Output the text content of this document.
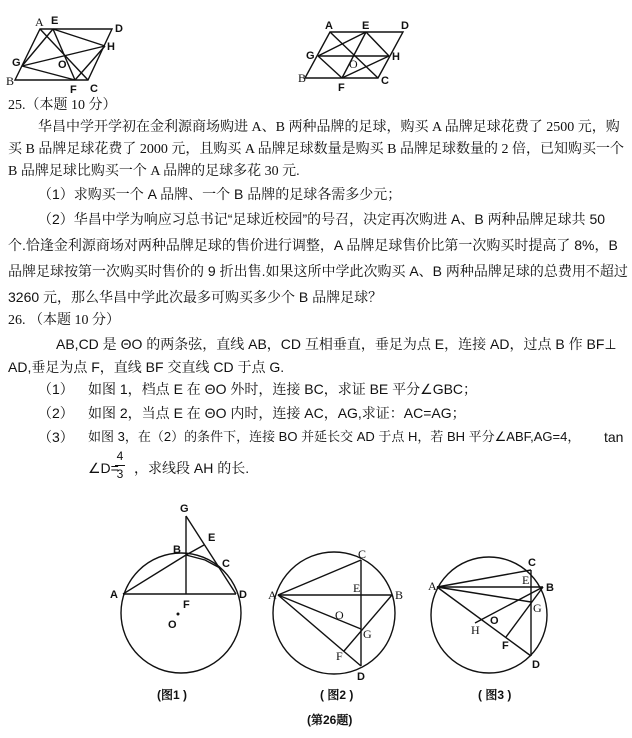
A E
D
H
G	O
B
F C
A	E	D
G	H
O
B
F
C
G
B
E
C
A
F
D
O
C
A	E	B
O
G
F
D
C
A	E
B
G
O
H
F
D
25.（本题 10 分）
华昌中学开学初在金利源商场购进 A、B 两种品牌的足球，购买 A 品牌足球花费了 2500 元，购
买 B 品牌足球花费了 2000 元，且购买 A 品牌足球数量是购买 B 品牌足球数量的 2 倍，已知购买一个
B 品牌足球比购买一个 A 品牌的足球多花 30 元.
（1）求购买一个 A 品牌、一个 B 品牌的足球各需多少元；
（2）华昌中学为响应习总书记“足球近校园”的号召，决定再次购进 A、B 两种品牌足球共 50
个.恰逢金利源商场对两种品牌足球的售价进行调整，A 品牌足球售价比第一次购买时提高了 8%，B
品牌足球按第一次购买时售价的 9 折出售.如果这所中学此次购买 A、B 两种品牌足球的总费用不超过
3260 元，那么华昌中学此次最多可购买多少个 B 品牌足球？
26. （本题 10 分）
AB,CD 是 ΘO 的两条弦，直线 AB，CD 互相垂直，垂足为点 E，连接 AD，过点 B 作 BF⊥
AD,垂足为点 F，直线 BF 交直线 CD 于点 G.
（1） 如图 1，档点 E 在 ΘO 外时，连接 BC，求证 BE 平分∠GBC；
（2） 如图 2，当点 E 在 ΘO 内时，连接 AC，AG,求证：AC=AG；
（3） 如图 3，在（2）的条件下，连接 BO 并延长交 AD 于点 H，若 BH 平分∠ABF,AG=4， tan
∠D=
4
3 ，求线段 AH 的长.
(图1 )	( 图2 )	( 图3 )
(第26题)
